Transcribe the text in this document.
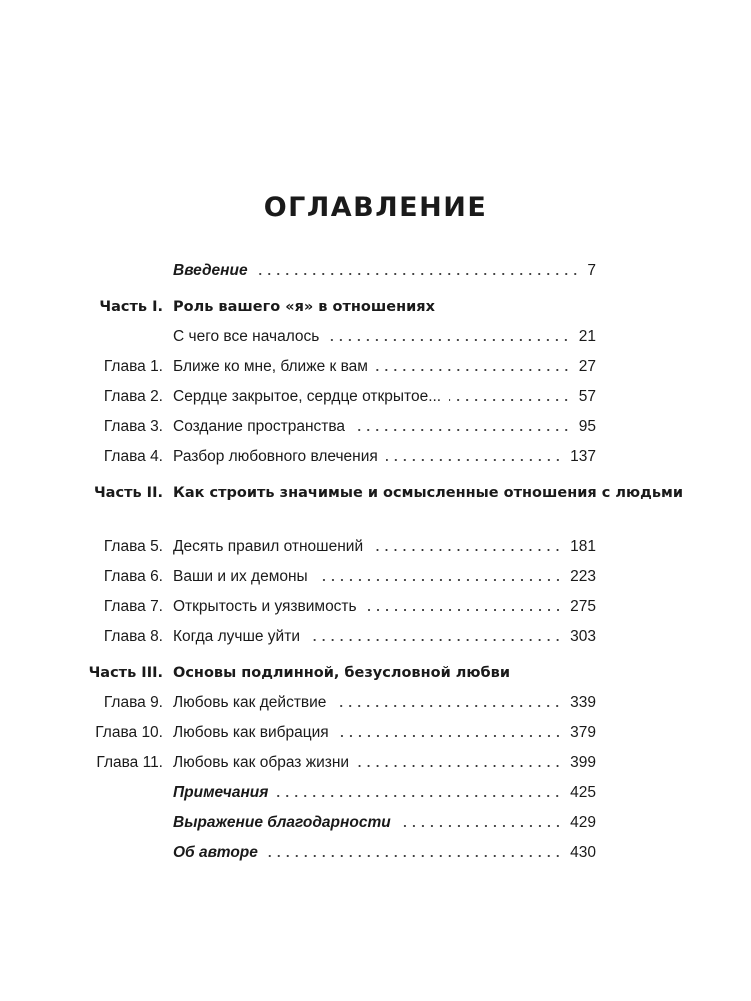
ОГЛАВЛЕНИЕ
Введение	7
Часть I. Роль вашего «я» в отношениях
С чего все началось	21
Глава 1. Ближе ко мне, ближе к вам	27
Глава 2. Сердце закрытое, сердце открытое...	57
Глава 3. Создание пространства	95
Глава 4. Разбор любовного влечения	137
Часть II. Как строить значимые и осмысленные отношения с людьми
Глава 5. Десять правил отношений	181
Глава 6. Ваши и их демоны	223
Глава 7. Открытость и уязвимость	275
Глава 8. Когда лучше уйти	303
Часть III. Основы подлинной, безусловной любви
Глава 9. Любовь как действие	339
Глава 10. Любовь как вибрация	379
Глава 11. Любовь как образ жизни	399
Примечания	425
Выражение благодарности	429
Об авторе	430
